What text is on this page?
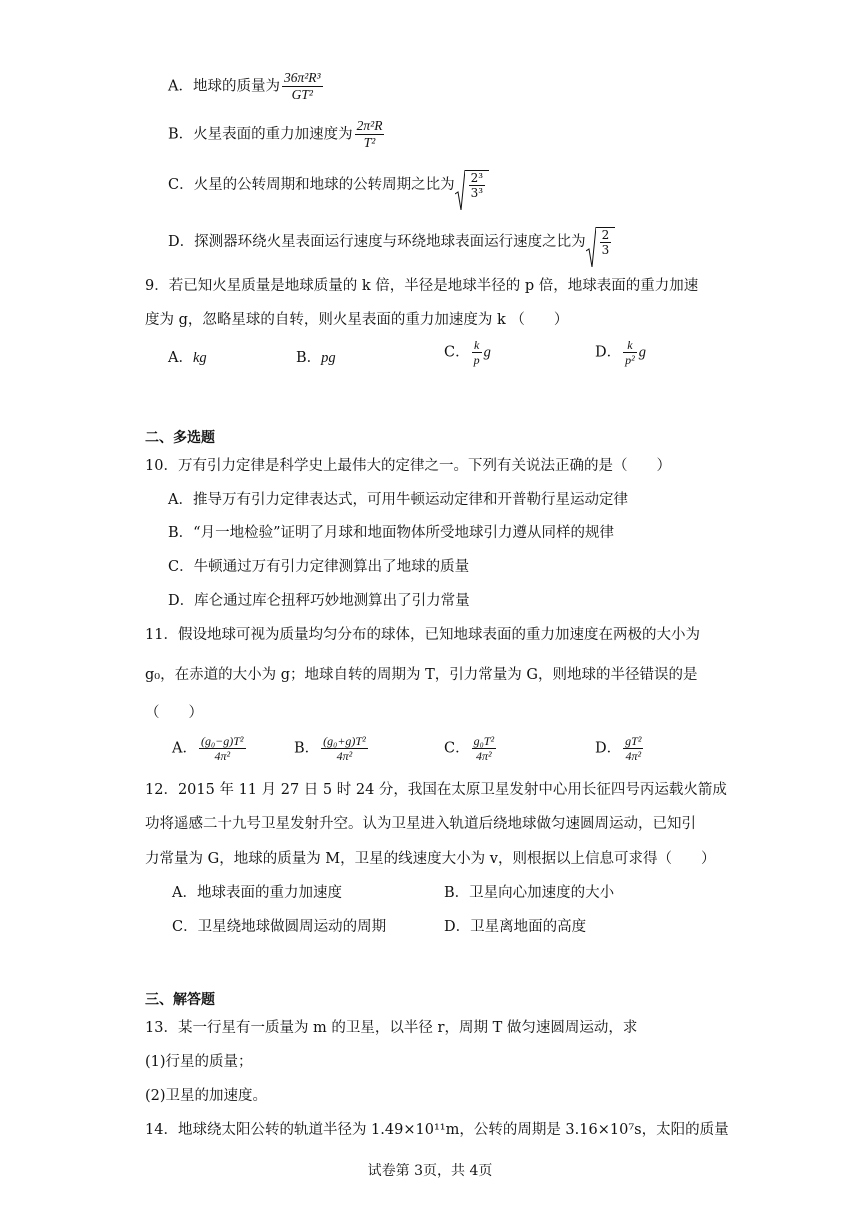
A．地球的质量为 $\frac{\text{36π²R³}}{\text{GT²}}$
B．火星表面的重力加速度为 $\frac{\text{2π²R}}{\text{T²}}$
C．火星的公转周期和地球的公转周期之比为 $\frac{\text{2³}}{\text{3³}}$
D．探测器环绕火星表面运行速度与环绕地球表面运行速度之比为 $\frac{2}{3}$
9．若已知火星质量是地球质量的 k 倍，半径是地球半径的 p 倍，地球表面的重力加速
度为 g，忽略星球的自转，则火星表面的重力加速度为 k （　　）
A．kg	B．pg	C． $\frac{k}{p}$ g	D． $\frac{k}{\text{p²}}$ g
二、多选题
10．万有引力定律是科学史上最伟大的定律之一。下列有关说法正确的是（　　）
A．推导万有引力定律表达式，可用牛顿运动定律和开普勒行星运动定律
B．“月一地检验”证明了月球和地面物体所受地球引力遵从同样的规律
C．牛顿通过万有引力定律测算出了地球的质量
D．库仑通过库仑扭秤巧妙地测算出了引力常量
11．假设地球可视为质量均匀分布的球体，已知地球表面的重力加速度在两极的大小为
g₀，在赤道的大小为 g；地球自转的周期为 T，引力常量为 G，则地球的半径错误的是
（　　）
A． $\frac{\text{(g₀−g)T²}}{\text{4π²}}$	B． $\frac{\text{(g₀+g)T²}}{\text{4π²}}$	C． $\frac{\text{g₀T²}}{\text{4π²}}$	D． $\frac{\text{gT²}}{\text{4π²}}$
12．2015 年 11 月 27 日 5 时 24 分，我国在太原卫星发射中心用长征四号丙运载火箭成
功将遥感二十九号卫星发射升空。认为卫星进入轨道后绕地球做匀速圆周运动，已知引
力常量为 G，地球的质量为 M，卫星的线速度大小为 v，则根据以上信息可求得（　　）
A．地球表面的重力加速度	B．卫星向心加速度的大小
C．卫星绕地球做圆周运动的周期	D．卫星离地面的高度
三、解答题
13．某一行星有一质量为 m 的卫星，以半径 r，周期 T 做匀速圆周运动，求
(1)行星的质量；
(2)卫星的加速度。
14．地球绕太阳公转的轨道半径为 1.49×10¹¹m，公转的周期是 3.16×10⁷s，太阳的质量
试卷第 3页，共 4页
